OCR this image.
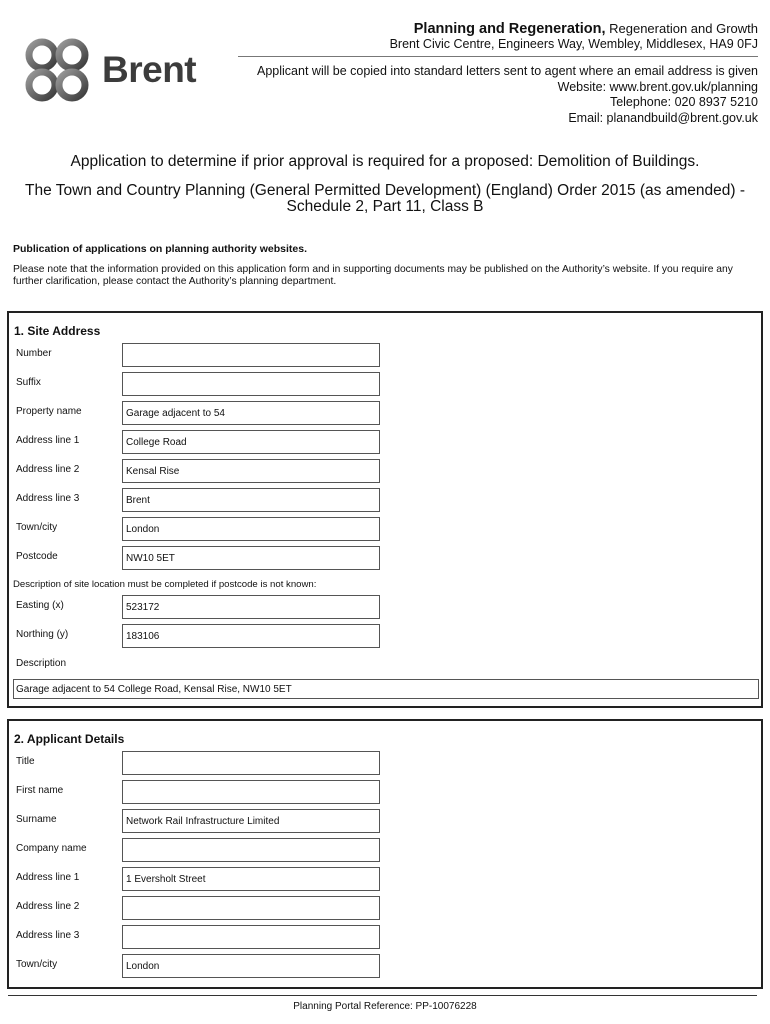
Brent
Planning and Regeneration, Regeneration and Growth
Brent Civic Centre, Engineers Way, Wembley, Middlesex, HA9 0FJ
Applicant will be copied into standard letters sent to agent where an email address is given
Website: www.brent.gov.uk/planning
Telephone: 020 8937 5210
Email: planandbuild@brent.gov.uk
Application to determine if prior approval is required for a proposed: Demolition of Buildings.
The Town and Country Planning (General Permitted Development) (England) Order 2015 (as amended) - Schedule 2, Part 11, Class B
Publication of applications on planning authority websites.
Please note that the information provided on this application form and in supporting documents may be published on the Authority’s website. If you require any further clarification, please contact the Authority’s planning department.
1. Site Address
Number
Suffix
Property name	Garage adjacent to 54
Address line 1	College Road
Address line 2	Kensal Rise
Address line 3	Brent
Town/city	London
Postcode	NW10 5ET
Description of site location must be completed if postcode is not known:
Easting (x)	523172
Northing (y)	183106
Description
Garage adjacent to 54 College Road, Kensal Rise, NW10 5ET
2. Applicant Details
Title
First name
Surname	Network Rail Infrastructure Limited
Company name
Address line 1	1 Eversholt Street
Address line 2
Address line 3
Town/city	London
Planning Portal Reference: PP-10076228
